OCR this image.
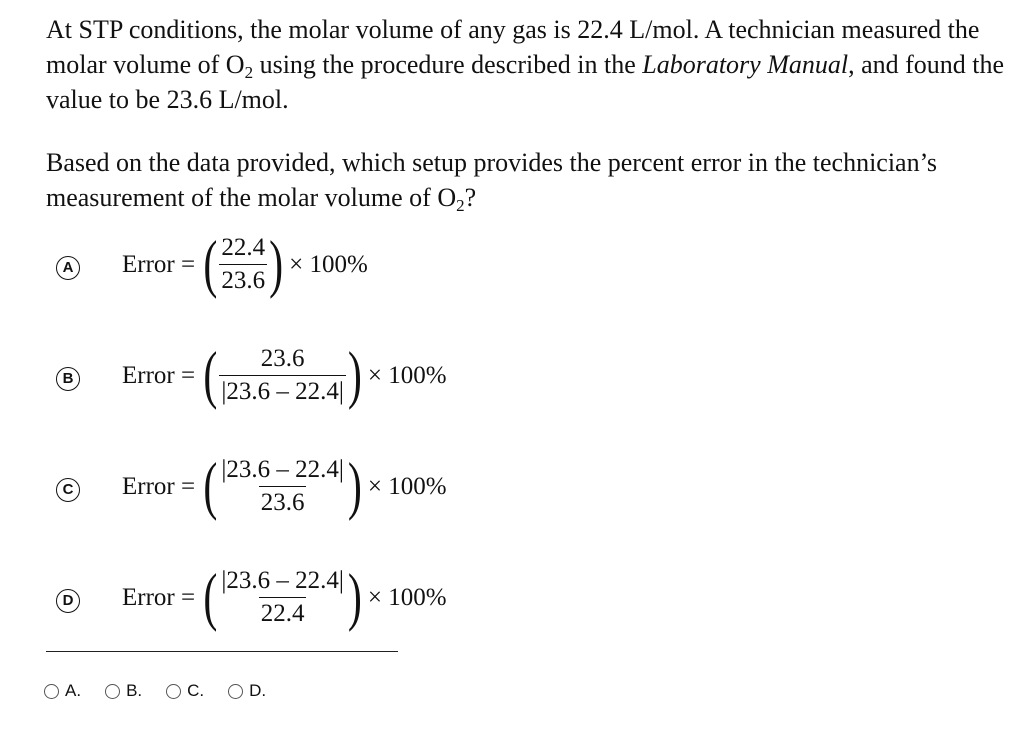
At STP conditions, the molar volume of any gas is 22.4 L/mol. A technician measured the molar volume of $O_2$ using the procedure described in the Laboratory Manual, and found the value to be 23.6 L/mol.

Based on the data provided, which setup provides the percent error in the technician’s measurement of the molar volume of $O_2$?

A Error = ( $\frac{22.4}{23.6}$ ) × 100%
B Error = ( $\frac{23.6}{|23.6 - 22.4|}$ ) × 100%
C Error = ( $\frac{|23.6 - 22.4|}{23.6}$ ) × 100%
D Error = ( $\frac{|23.6 - 22.4|}{22.4}$ ) × 100%
A.	B.	C.	D.
